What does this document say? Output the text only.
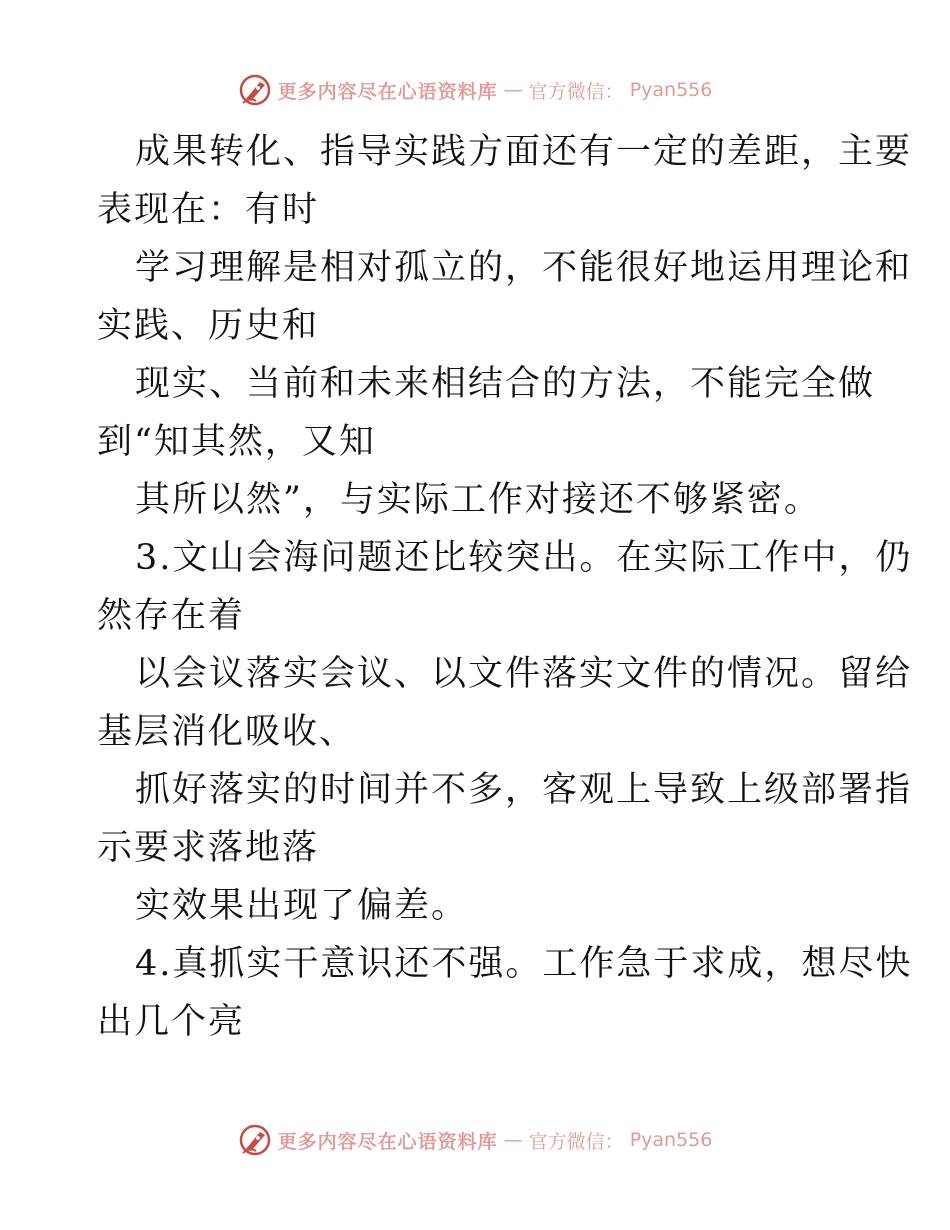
更多内容尽在心语资料库 — 官方微信： Pyan556
成果转化、指导实践方面还有一定的差距，主要
表现在：有时
学习理解是相对孤立的，不能很好地运用理论和
实践、历史和
现实、当前和未来相结合的方法，不能完全做
到“知其然，又知
其所以然”，与实际工作对接还不够紧密。
3.文山会海问题还比较突出。在实际工作中，仍
然存在着
以会议落实会议、以文件落实文件的情况。留给
基层消化吸收、
抓好落实的时间并不多，客观上导致上级部署指
示要求落地落
实效果出现了偏差。
4.真抓实干意识还不强。工作急于求成，想尽快
出几个亮
更多内容尽在心语资料库 — 官方微信： Pyan556
